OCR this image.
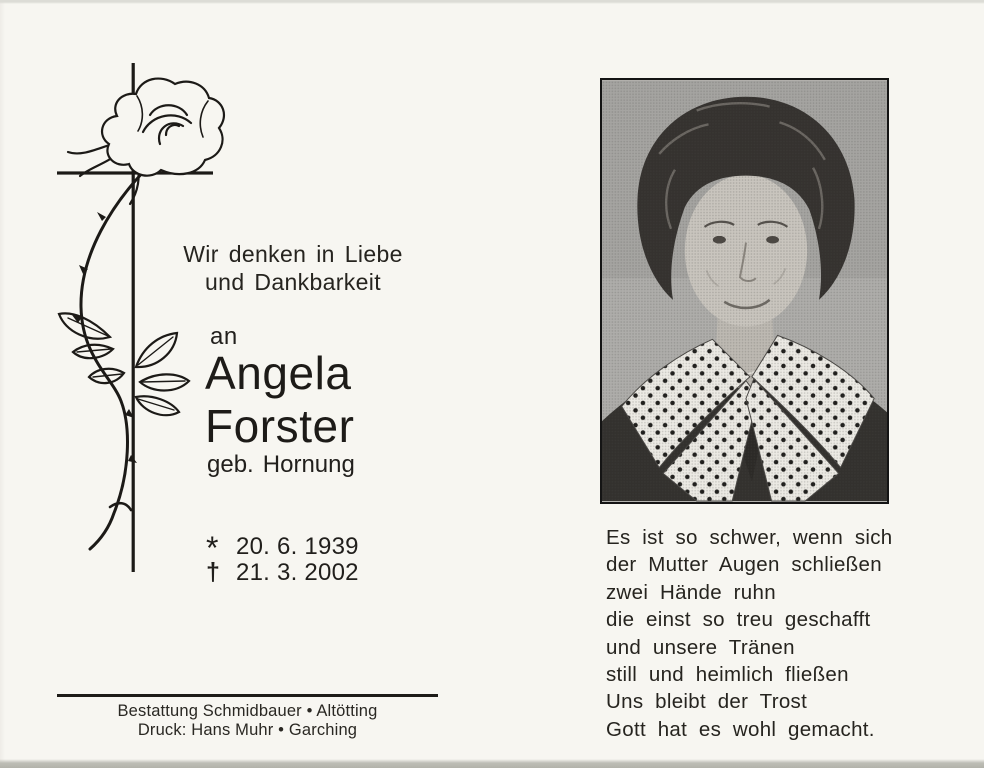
Wir denken in Liebe
und Dankbarkeit
an
Angela
Forster
geb. Hornung
* 20. 6. 1939
† 21. 3. 2002
Bestattung Schmidbauer • Altötting
Druck: Hans Muhr • Garching
Es ist so schwer, wenn sich
der Mutter Augen schließen
zwei Hände ruhn
die einst so treu geschafft
und unsere Tränen
still und heimlich fließen
Uns bleibt der Trost
Gott hat es wohl gemacht.
